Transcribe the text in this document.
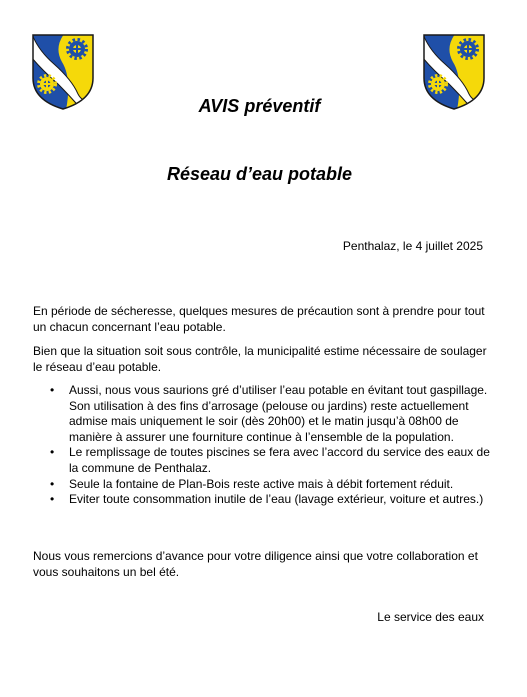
AVIS préventif
Réseau d’eau potable
Penthalaz, le 4 juillet 2025

En période de sécheresse, quelques mesures de précaution sont à prendre pour tout un chacun concernant l’eau potable.

Bien que la situation soit sous contrôle, la municipalité estime nécessaire de soulager le réseau d’eau potable.

• Aussi, nous vous saurions gré d’utiliser l’eau potable en évitant tout gaspillage. Son utilisation à des fins d’arrosage (pelouse ou jardins) reste actuellement admise mais uniquement le soir (dès 20h00) et le matin jusqu’à 08h00 de manière à assurer une fourniture continue à l’ensemble de la population.
• Le remplissage de toutes piscines se fera avec l’accord du service des eaux de la commune de Penthalaz.
• Seule la fontaine de Plan-Bois reste active mais à débit fortement réduit.
• Eviter toute consommation inutile de l’eau (lavage extérieur, voiture et autres.)

Nous vous remercions d’avance pour votre diligence ainsi que votre collaboration et vous souhaitons un bel été.

Le service des eaux
